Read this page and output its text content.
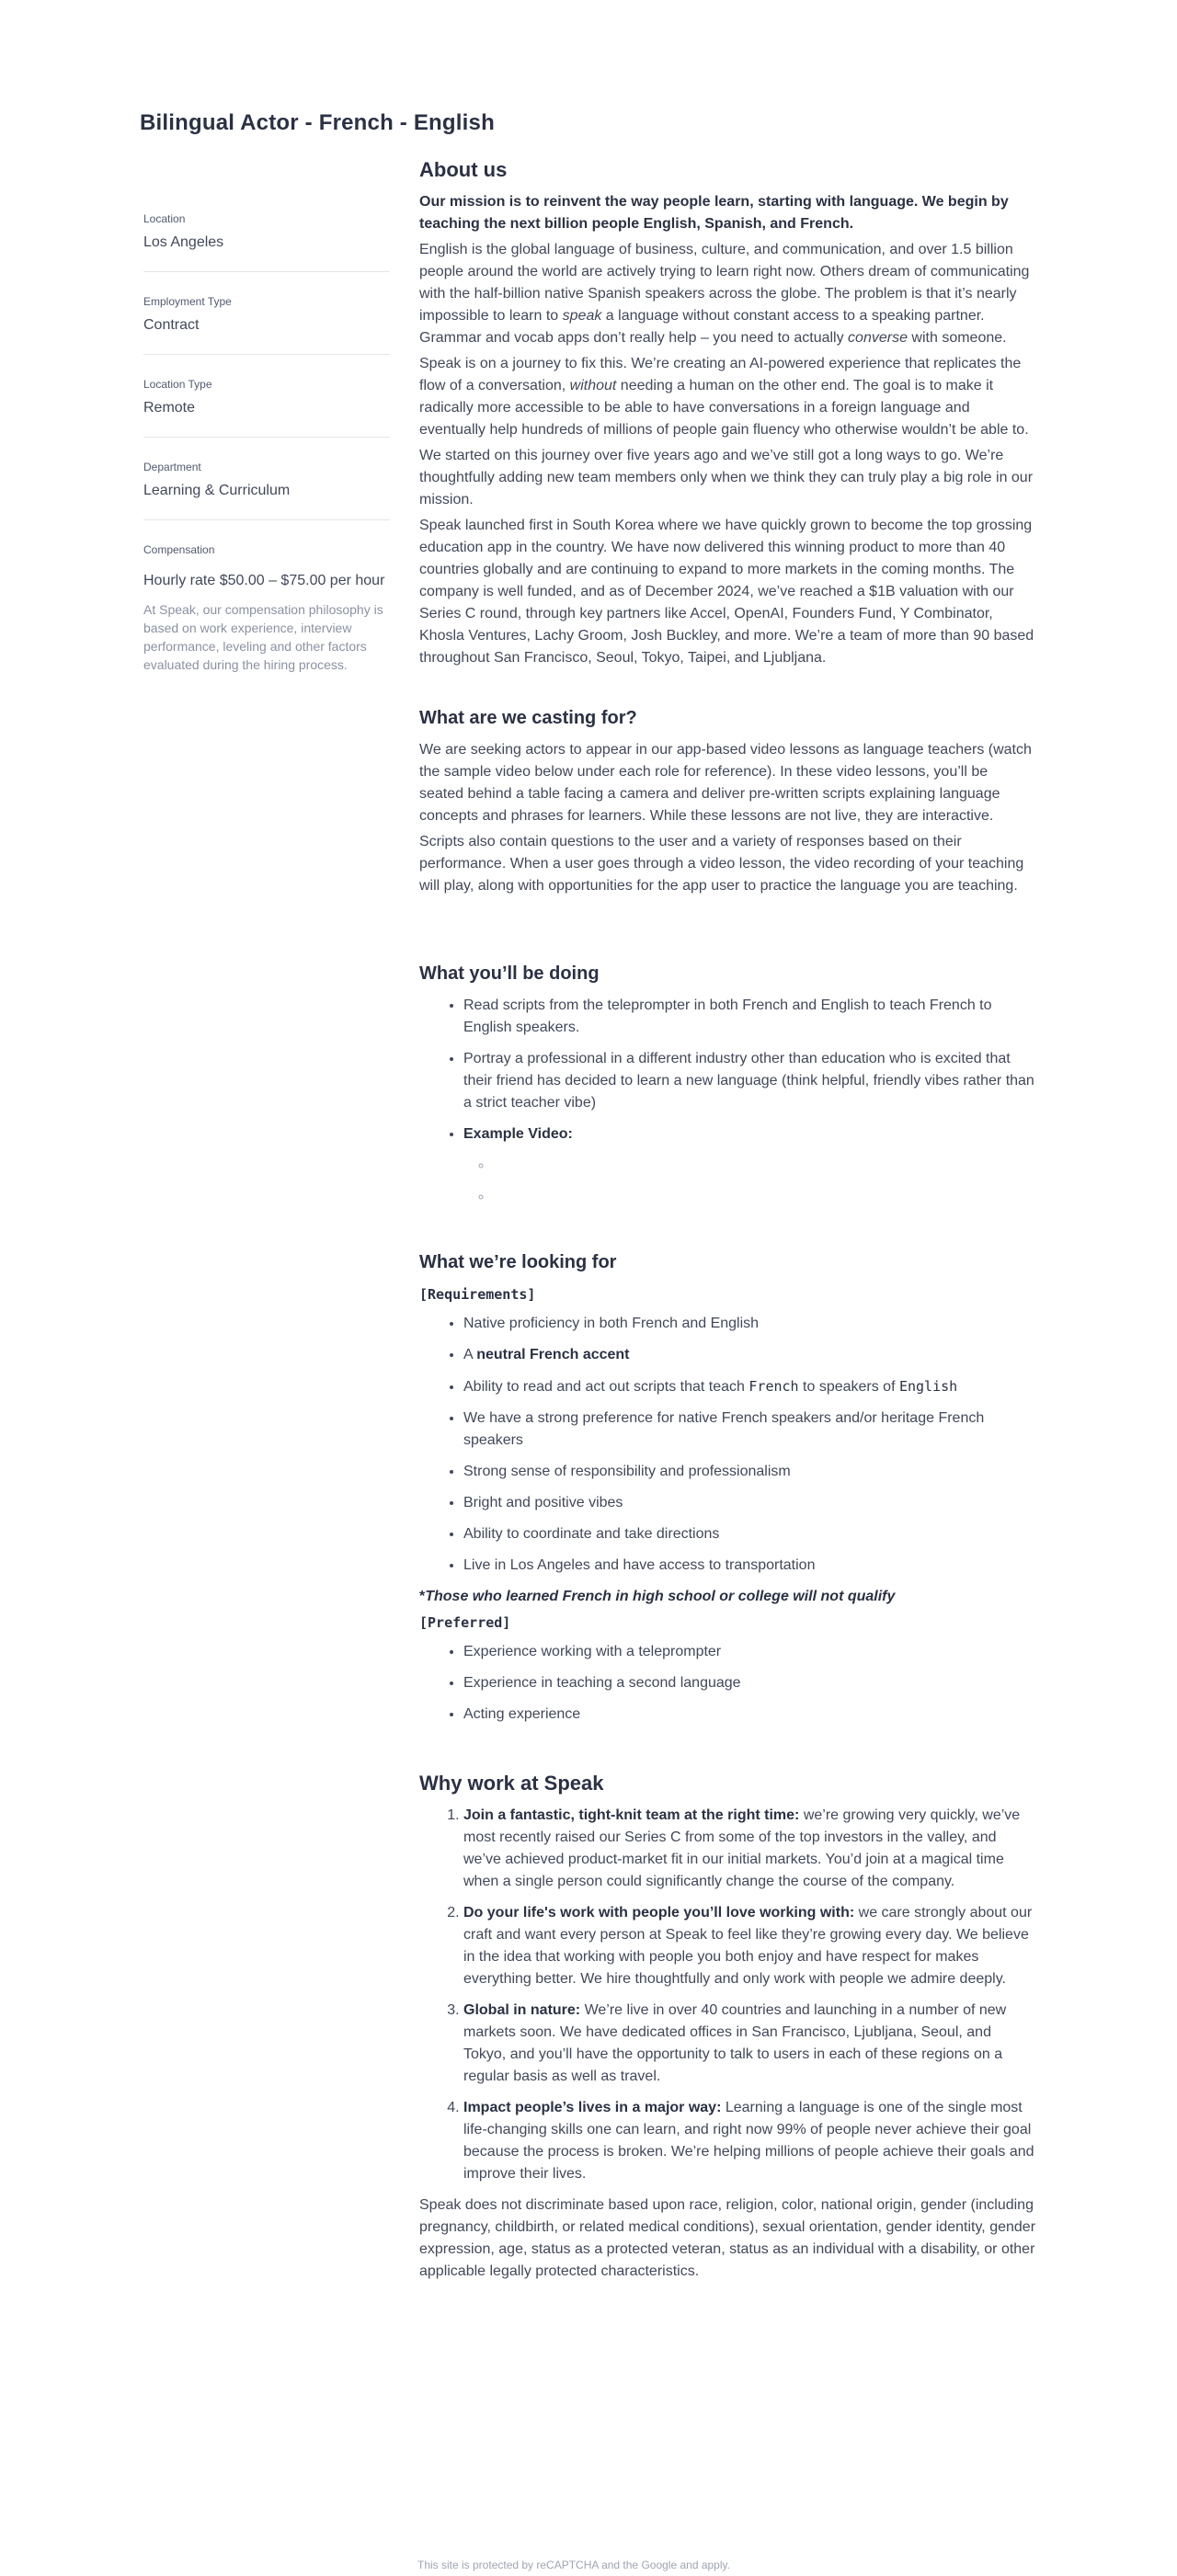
Bilingual Actor - French - English
Location
Los Angeles
Employment Type
Contract
Location Type
Remote
Department
Learning & Curriculum
Compensation
Hourly rate $50.00 – $75.00 per hour
At Speak, our compensation philosophy is based on work experience, interview performance, leveling and other factors evaluated during the hiring process.
About us

Our mission is to reinvent the way people learn, starting with language. We begin by teaching the next billion people English, Spanish, and French.

English is the global language of business, culture, and communication, and over 1.5 billion people around the world are actively trying to learn right now. Others dream of communicating with the half-billion native Spanish speakers across the globe. The problem is that it’s nearly impossible to learn to speak a language without constant access to a speaking partner. Grammar and vocab apps don’t really help – you need to actually converse with someone.

Speak is on a journey to fix this. We’re creating an AI-powered experience that replicates the flow of a conversation, without needing a human on the other end. The goal is to make it radically more accessible to be able to have conversations in a foreign language and eventually help hundreds of millions of people gain fluency who otherwise wouldn’t be able to.

We started on this journey over five years ago and we’ve still got a long ways to go. We’re thoughtfully adding new team members only when we think they can truly play a big role in our mission.

Speak launched first in South Korea where we have quickly grown to become the top grossing education app in the country. We have now delivered this winning product to more than 40 countries globally and are continuing to expand to more markets in the coming months. The company is well funded, and as of December 2024, we’ve reached a $1B valuation with our Series C round, through key partners like Accel, OpenAI, Founders Fund, Y Combinator, Khosla Ventures, Lachy Groom, Josh Buckley, and more. We’re a team of more than 90 based throughout San Francisco, Seoul, Tokyo, Taipei, and Ljubljana.

What are we casting for?

We are seeking actors to appear in our app-based video lessons as language teachers (watch the sample video below under each role for reference). In these video lessons, you’ll be seated behind a table facing a camera and deliver pre-written scripts explaining language concepts and phrases for learners. While these lessons are not live, they are interactive.

Scripts also contain questions to the user and a variety of responses based on their performance. When a user goes through a video lesson, the video recording of your teaching will play, along with opportunities for the app user to practice the language you are teaching.

What you’ll be doing
• Read scripts from the teleprompter in both French and English to teach French to English speakers.
• Portray a professional in a different industry other than education who is excited that their friend has decided to learn a new language (think helpful, friendly vibes rather than a strict teacher vibe)
• Example Video:
◦
◦
What we’re looking for
[Requirements]
• Native proficiency in both French and English
• A neutral French accent
• Ability to read and act out scripts that teach French to speakers of English
• We have a strong preference for native French speakers and/or heritage French speakers
• Strong sense of responsibility and professionalism
• Bright and positive vibes
• Ability to coordinate and take directions
• Live in Los Angeles and have access to transportation

*Those who learned French in high school or college will not qualify

[Preferred]
• Experience working with a teleprompter
• Experience in teaching a second language
• Acting experience
Why work at Speak
1. Join a fantastic, tight-knit team at the right time: we’re growing very quickly, we’ve most recently raised our Series C from some of the top investors in the valley, and we’ve achieved product-market fit in our initial markets. You’d join at a magical time when a single person could significantly change the course of the company.
2. Do your life's work with people you’ll love working with: we care strongly about our craft and want every person at Speak to feel like they’re growing every day. We believe in the idea that working with people you both enjoy and have respect for makes everything better. We hire thoughtfully and only work with people we admire deeply.
3. Global in nature: We’re live in over 40 countries and launching in a number of new markets soon. We have dedicated offices in San Francisco, Ljubljana, Seoul, and Tokyo, and you’ll have the opportunity to talk to users in each of these regions on a regular basis as well as travel.
4. Impact people’s lives in a major way: Learning a language is one of the single most life-changing skills one can learn, and right now 99% of people never achieve their goal because the process is broken. We’re helping millions of people achieve their goals and improve their lives.

Speak does not discriminate based upon race, religion, color, national origin, gender (including pregnancy, childbirth, or related medical conditions), sexual orientation, gender identity, gender expression, age, status as a protected veteran, status as an individual with a disability, or other applicable legally protected characteristics.

This site is protected by reCAPTCHA and the Google and apply.
